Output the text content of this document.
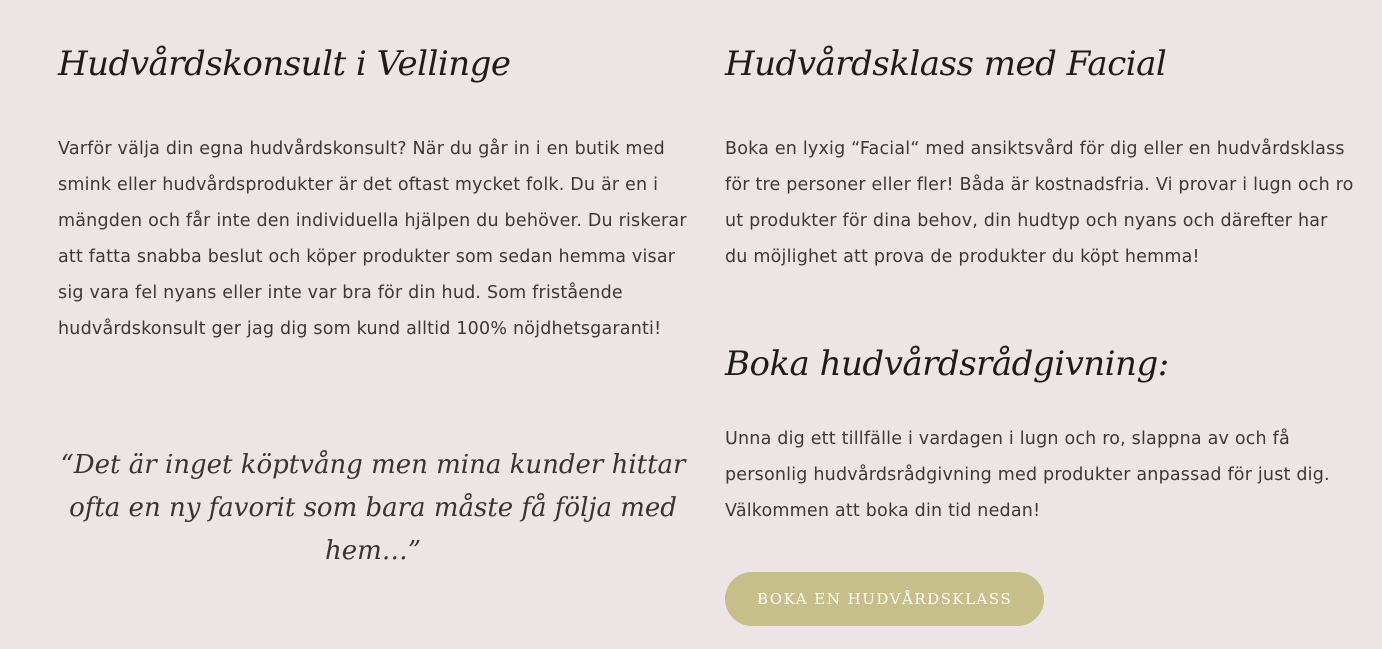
Hudvårdskonsult i Vellinge

Varför välja din egna hudvårdskonsult? När du går in i en butik med smink eller hudvårdsprodukter är det oftast mycket folk. Du är en i mängden och får inte den individuella hjälpen du behöver. Du riskerar att fatta snabba beslut och köper produkter som sedan hemma visar sig vara fel nyans eller inte var bra för din hud. Som fristående hudvårdskonsult ger jag dig som kund alltid 100% nöjdhetsgaranti!

“Det är inget köptvång men mina kunder hittar ofta en ny favorit som bara måste få följa med hem…”

Hudvårdsklass med Facial

Boka en lyxig “Facial“ med ansiktsvård för dig eller en hudvårdsklass för tre personer eller fler! Båda är kostnadsfria. Vi provar i lugn och ro ut produkter för dina behov, din hudtyp och nyans och därefter har du möjlighet att prova de produkter du köpt hemma!

Boka hudvårdsrådgivning:

Unna dig ett tillfälle i vardagen i lugn och ro, slappna av och få personlig hudvårdsrådgivning med produkter anpassad för just dig. Välkommen att boka din tid nedan!

BOKA EN HUDVÅRDSKLASS
